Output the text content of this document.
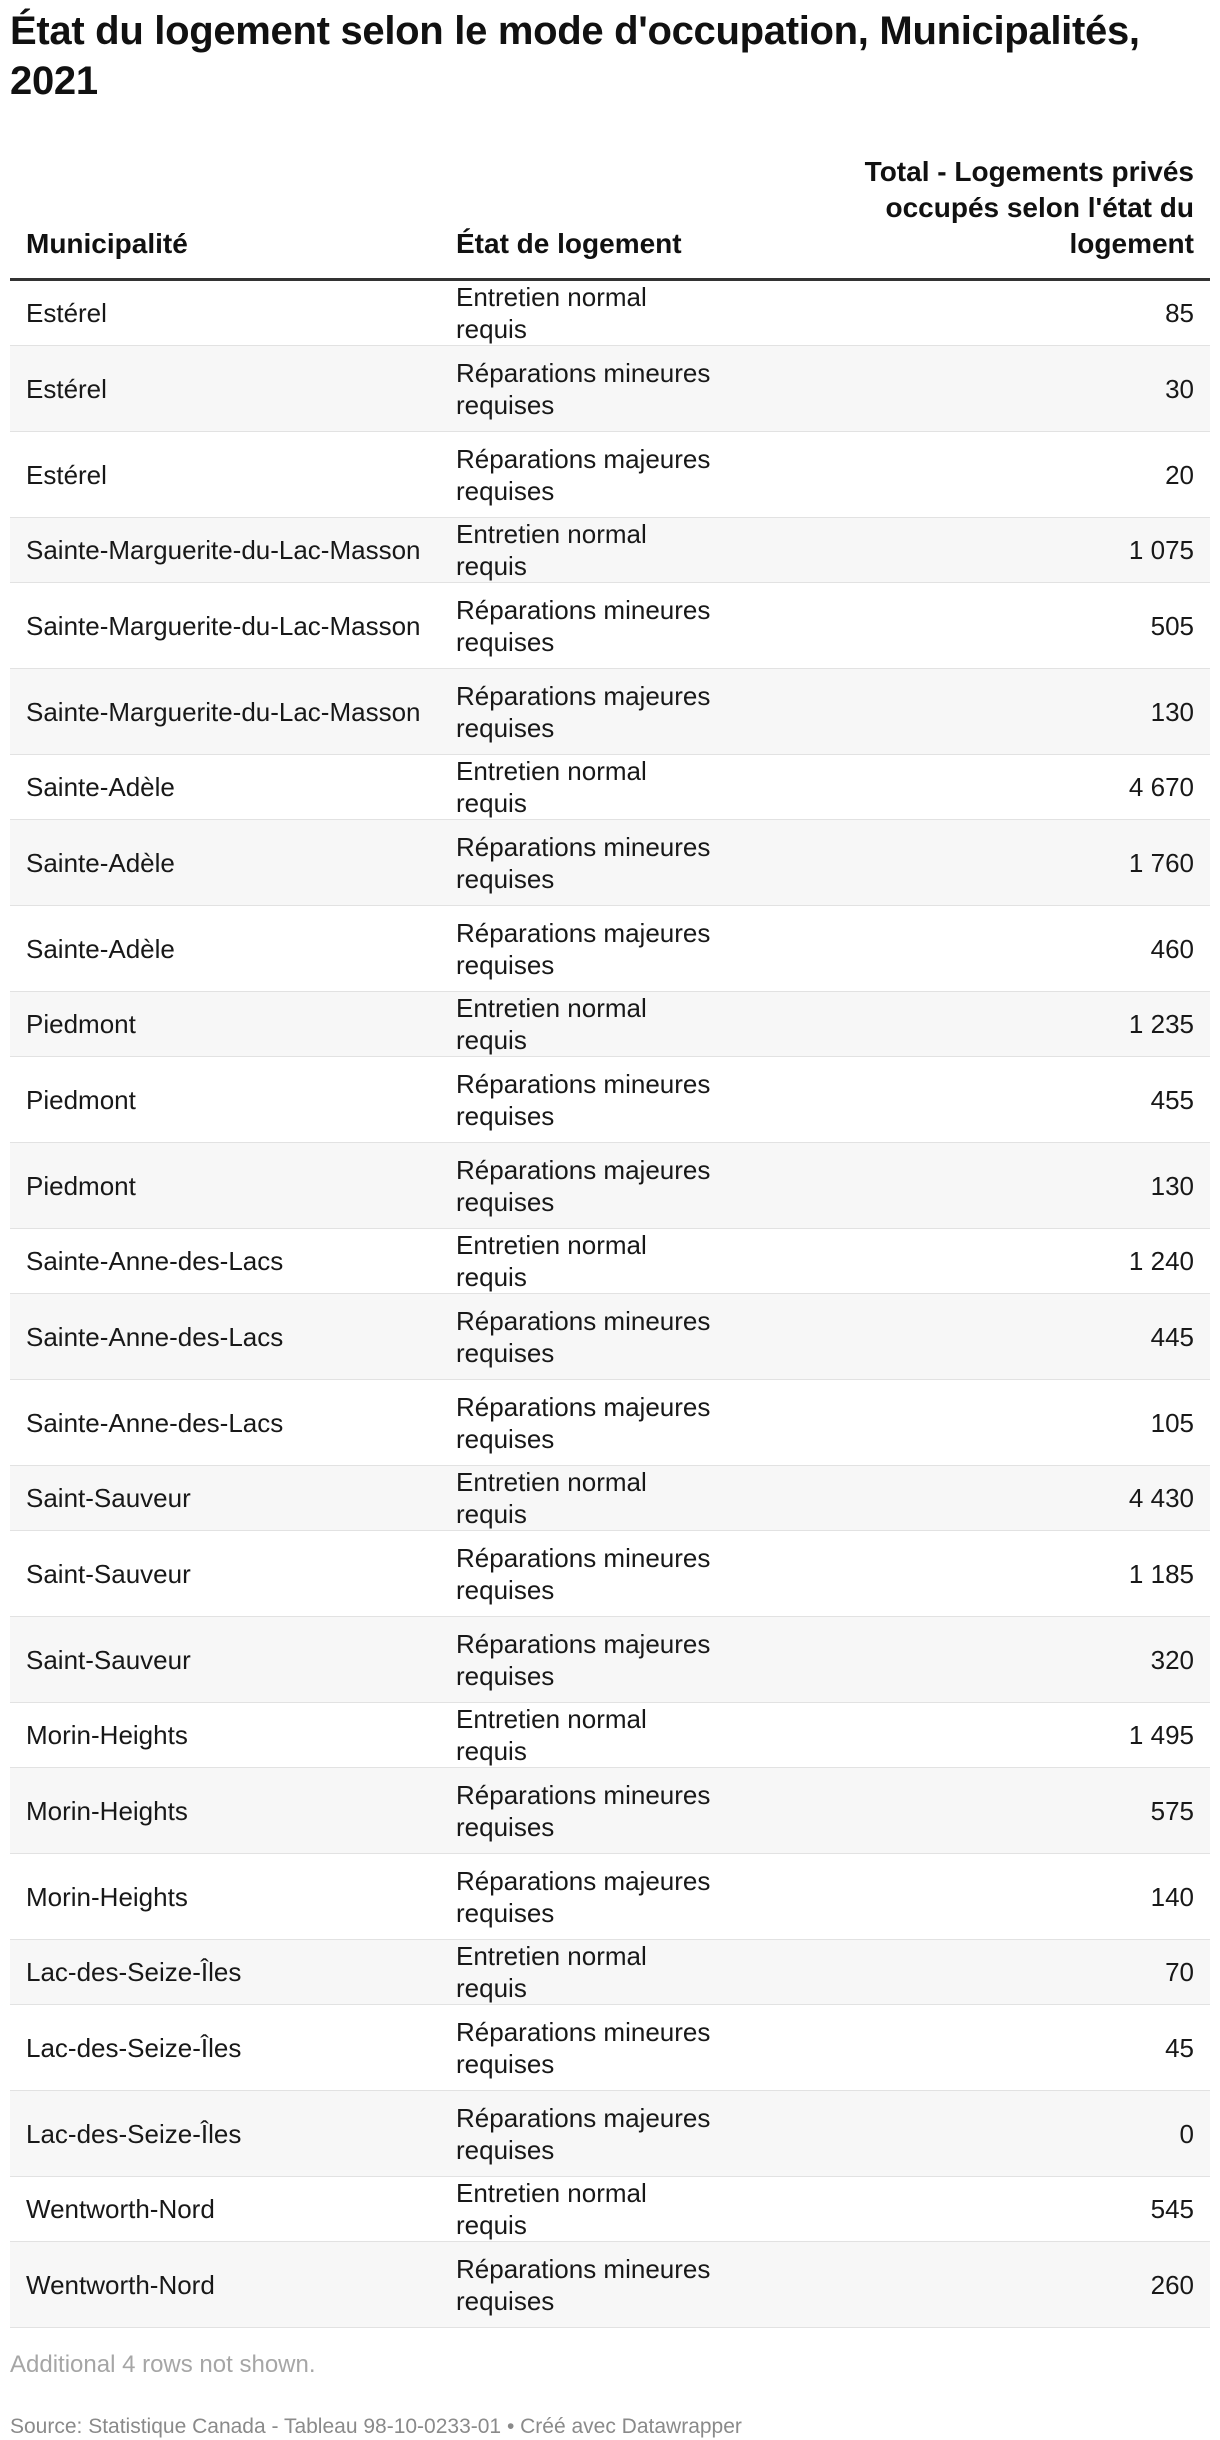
État du logement selon le mode d'occupation, Municipalités, 2021
Municipalité	État de logement	Total - Logements privés occupés selon l'état du logement
Estérel	Entretien normal requis	85
Estérel	Réparations mineures requises	30
Estérel	Réparations majeures requises	20
Sainte-Marguerite-du-Lac-Masson	Entretien normal requis	1 075
Sainte-Marguerite-du-Lac-Masson	Réparations mineures requises	505
Sainte-Marguerite-du-Lac-Masson	Réparations majeures requises	130
Sainte-Adèle	Entretien normal requis	4 670
Sainte-Adèle	Réparations mineures requises	1 760
Sainte-Adèle	Réparations majeures requises	460
Piedmont	Entretien normal requis	1 235
Piedmont	Réparations mineures requises	455
Piedmont	Réparations majeures requises	130
Sainte-Anne-des-Lacs	Entretien normal requis	1 240
Sainte-Anne-des-Lacs	Réparations mineures requises	445
Sainte-Anne-des-Lacs	Réparations majeures requises	105
Saint-Sauveur	Entretien normal requis	4 430
Saint-Sauveur	Réparations mineures requises	1 185
Saint-Sauveur	Réparations majeures requises	320
Morin-Heights	Entretien normal requis	1 495
Morin-Heights	Réparations mineures requises	575
Morin-Heights	Réparations majeures requises	140
Lac-des-Seize-Îles	Entretien normal requis	70
Lac-des-Seize-Îles	Réparations mineures requises	45
Lac-des-Seize-Îles	Réparations majeures requises	0
Wentworth-Nord	Entretien normal requis	545
Wentworth-Nord	Réparations mineures requises	260
Additional 4 rows not shown.
Source: Statistique Canada - Tableau 98-10-0233-01 • Créé avec Datawrapper
